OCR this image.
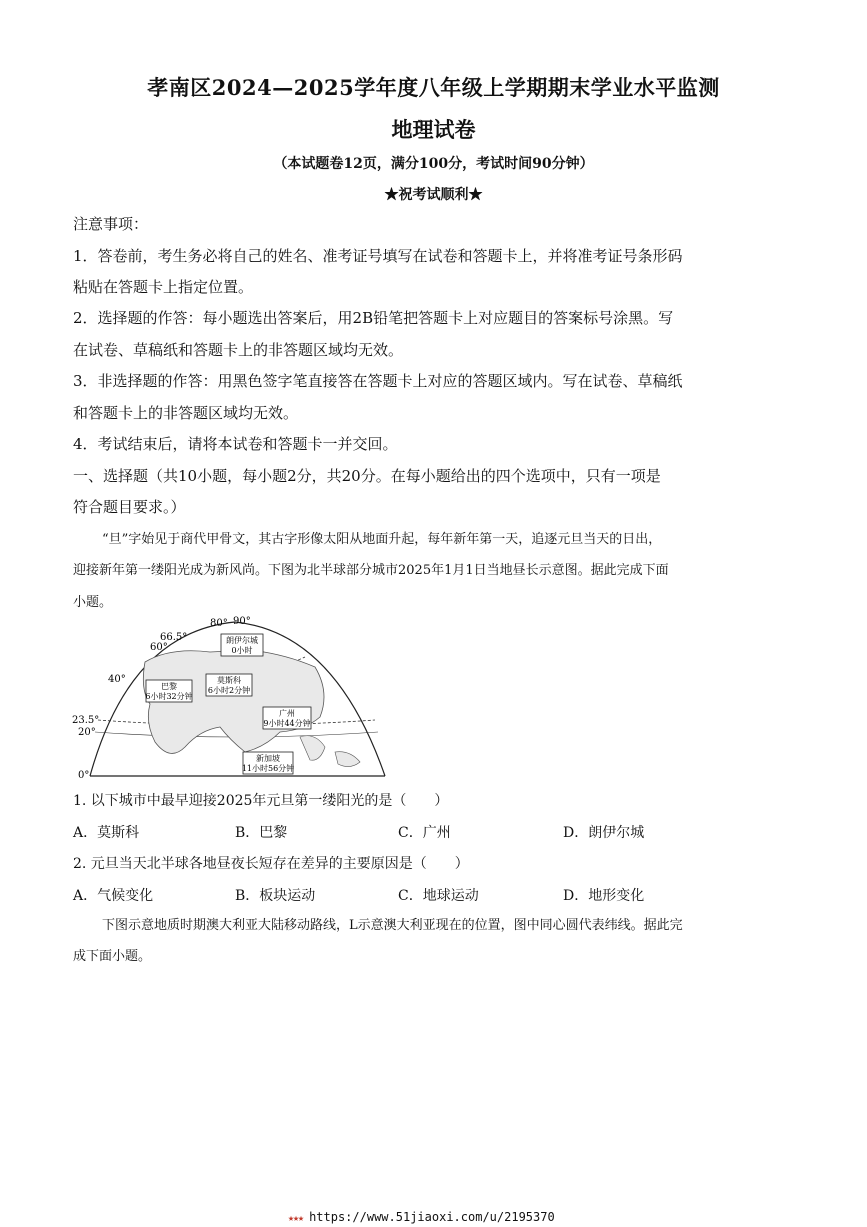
孝南区2024—2025学年度八年级上学期期末学业水平监测
地理试卷
（本试题卷12页，满分100分，考试时间90分钟）
★祝考试顺利★
注意事项：
1．答卷前，考生务必将自己的姓名、准考证号填写在试卷和答题卡上，并将准考证号条形码
粘贴在答题卡上指定位置。
2．选择题的作答：每小题选出答案后，用2B铅笔把答题卡上对应题目的答案标号涂黑。写
在试卷、草稿纸和答题卡上的非答题区域均无效。
3．非选择题的作答：用黑色签字笔直接答在答题卡上对应的答题区域内。写在试卷、草稿纸
和答题卡上的非答题区域均无效。
4．考试结束后，请将本试卷和答题卡一并交回。
一、选择题（共10小题，每小题2分，共20分。在每小题给出的四个选项中，只有一项是
符合题目要求。）
“旦”字始见于商代甲骨文，其古字形像太阳从地面升起，每年新年第一天，追逐元旦当天的日出，
迎接新年第一缕阳光成为新风尚。下图为北半球部分城市2025年1月1日当地昼长示意图。据此完成下面
小题。
80° 90°
66.5°
60°
40°
23.5°
20°
0°
朗伊尔城
0小时
莫斯科
6小时2分钟
巴黎
6小时32分钟
广州
9小时44分钟
新加坡
11小时56分钟
1. 以下城市中最早迎接2025年元旦第一缕阳光的是（　　）
A．莫斯科	B．巴黎	C．广州	D．朗伊尔城
2. 元旦当天北半球各地昼夜长短存在差异的主要原因是（　　）
A．气候变化	B．板块运动	C．地球运动	D．地形变化
下图示意地质时期澳大利亚大陆移动路线，L示意澳大利亚现在的位置，图中同心圆代表纬线。据此完
成下面小题。
★★★ https://www.51jiaoxi.com/u/2195370
